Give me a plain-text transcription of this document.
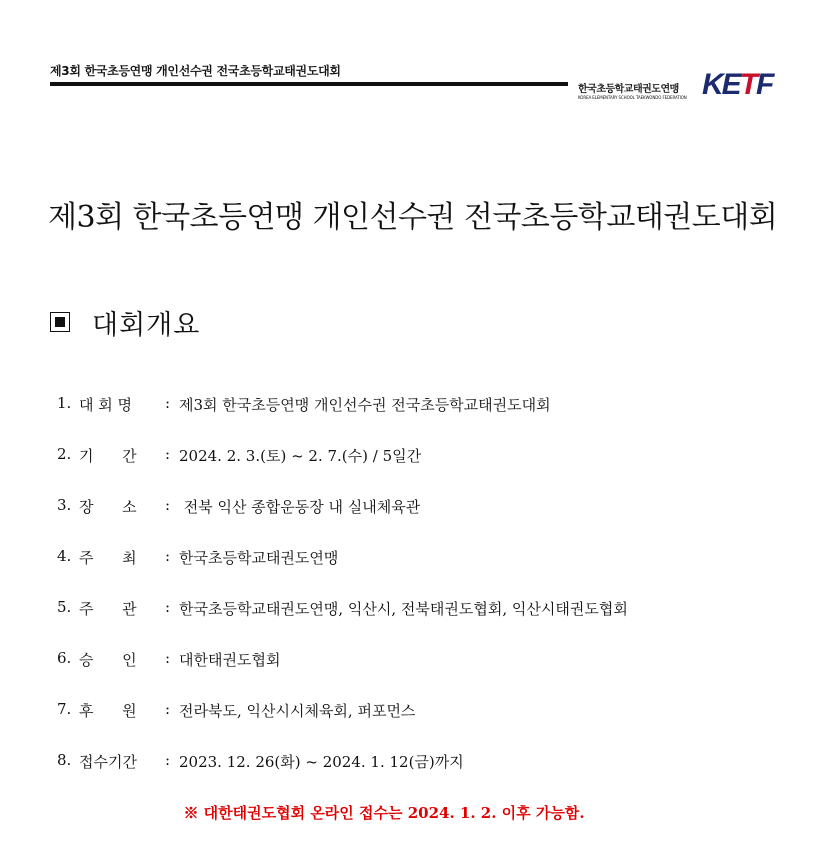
제3회 한국초등연맹 개인선수권 전국초등학교태권도대회
한국초등학교태권도연맹
KOREA ELEMENTARY SCHOOL TAEKWONDO FEDERATION KETF
제3회 한국초등연맹 개인선수권 전국초등학교태권도대회
대회개요
1. 대 회 명	: 제3회 한국초등연맹 개인선수권 전국초등학교태권도대회
2. 기      간	: 2024. 2. 3.(토) ~ 2. 7.(수) / 5일간
3. 장      소	: 전북 익산 종합운동장 내 실내체육관
4. 주      최	: 한국초등학교태권도연맹
5. 주      관	: 한국초등학교태권도연맹, 익산시, 전북태권도협회, 익산시태권도협회
6. 승      인	: 대한태권도협회
7. 후      원	: 전라북도, 익산시시체육회, 퍼포먼스
8. 접수기간	: 2023. 12. 26(화) ~ 2024. 1. 12(금)까지
※ 대한태권도협회 온라인 접수는 2024. 1. 2. 이후 가능함.
